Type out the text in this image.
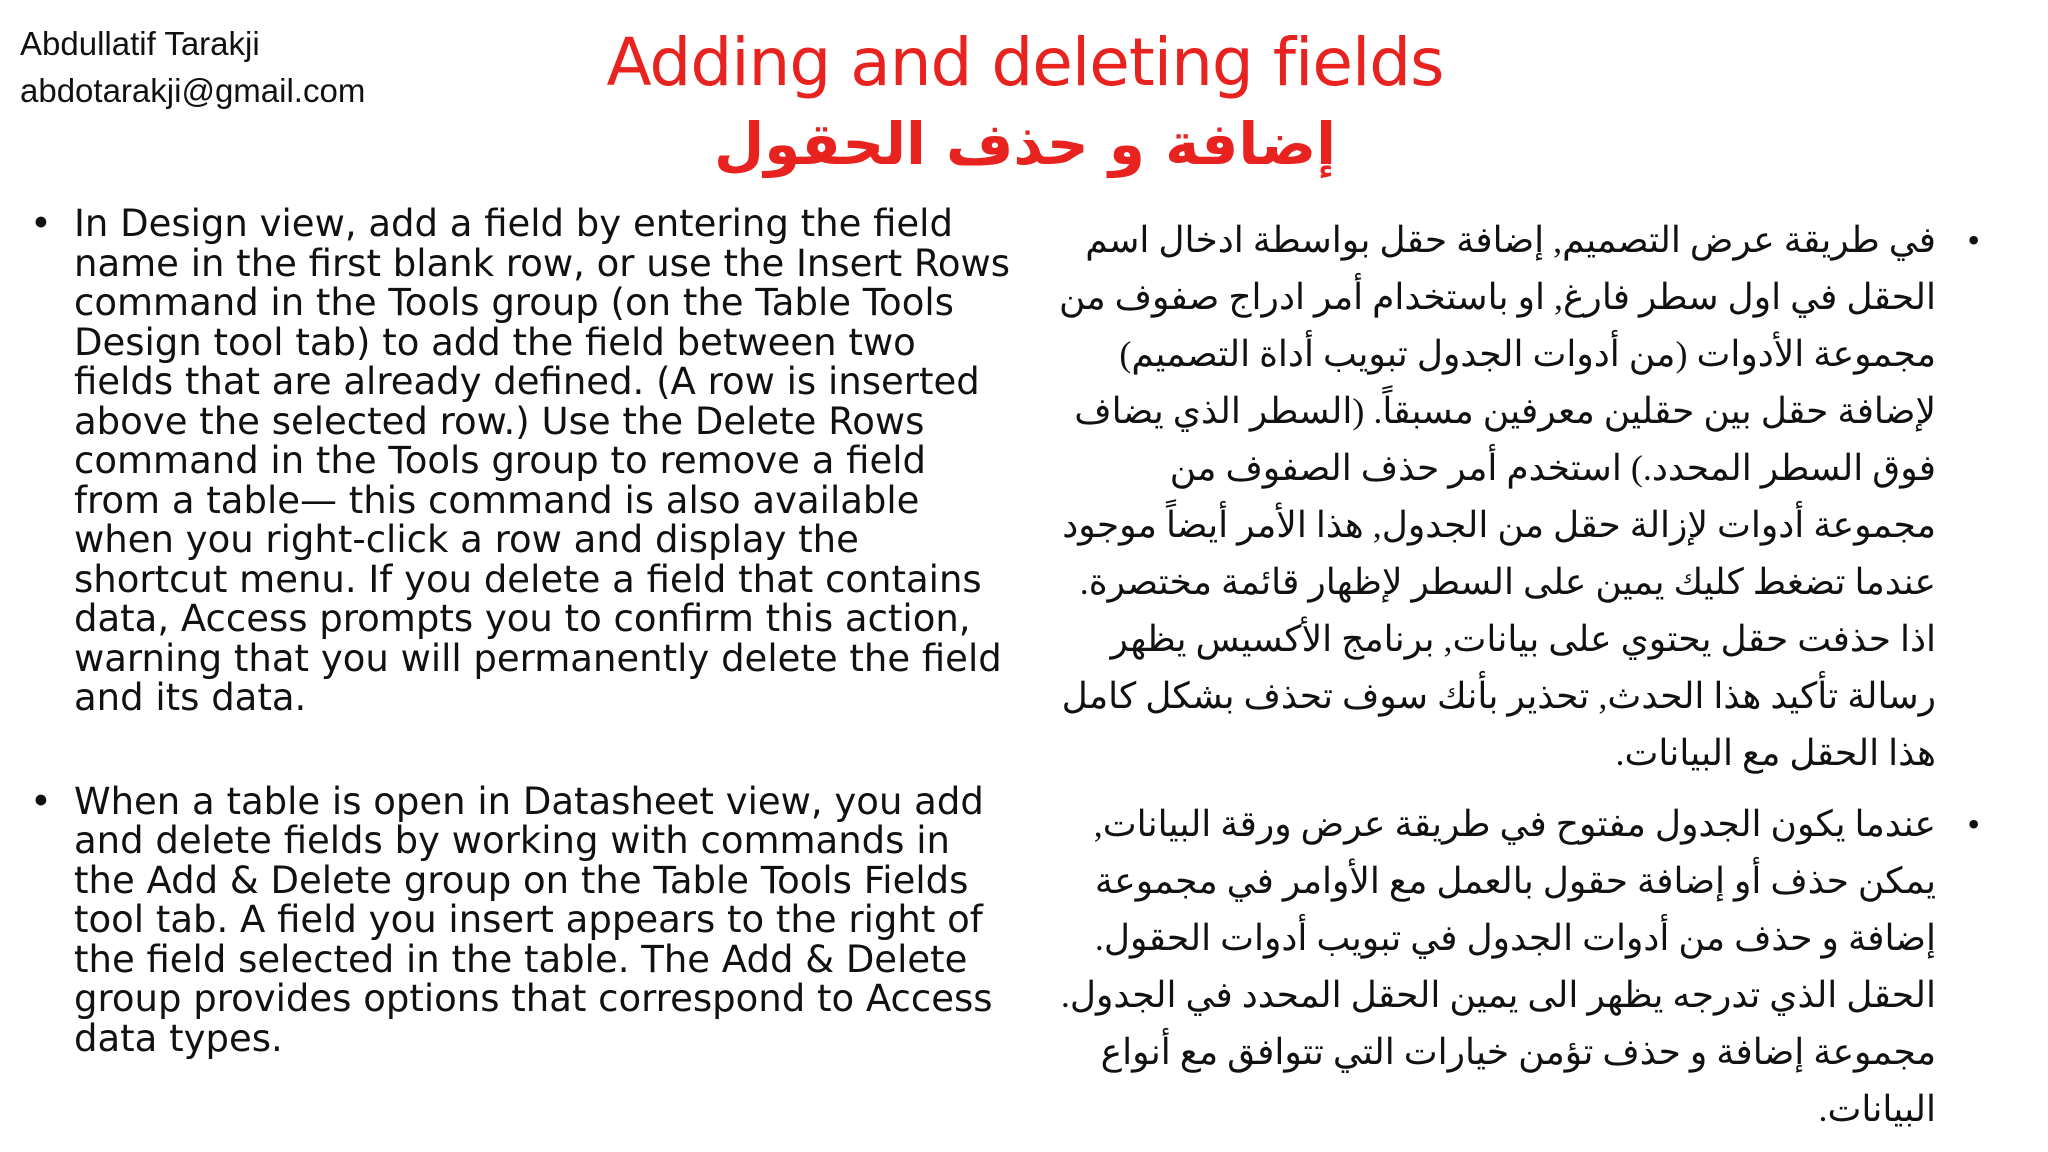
Abdullatif Tarakji
abdotarakji@gmail.com	Adding and deleting fields
إضافة و حذف الحقول
• In Design view, add a field by entering the field name in the first blank row, or use the Insert Rows command in the Tools group (on the Table Tools Design tool tab) to add the field between two fields that are already defined. (A row is inserted above the selected row.) Use the Delete Rows command in the Tools group to remove a field from a table— this command is also available when you right-click a row and display the shortcut menu. If you delete a field that contains data, Access prompts you to confirm this action, warning that you will permanently delete the field and its data.
• When a table is open in Datasheet view, you add and delete fields by working with commands in the Add & Delete group on the Table Tools Fields tool tab. A field you insert appears to the right of the field selected in the table. The Add & Delete group provides options that correspond to Access data types.
•
في طريقة عرض التصميم, إضافة حقل بواسطة ادخال اسم الحقل في اول سطر فارغ, او باستخدام أمر ادراج صفوف من مجموعة الأدوات (من أدوات الجدول تبويب أداة التصميم) لإضافة حقل بين حقلين معرفين مسبقاً. (السطر الذي يضاف فوق السطر المحدد.) استخدم أمر حذف الصفوف من مجموعة أدوات لإزالة حقل من الجدول, هذا الأمر أيضاً موجود عندما تضغط كليك يمين على السطر لإظهار قائمة مختصرة. اذا حذفت حقل يحتوي على بيانات, برنامج الأكسيس يظهر رسالة تأكيد هذا الحدث, تحذير بأنك سوف تحذف بشكل كامل هذا الحقل مع البيانات.
•
عندما يكون الجدول مفتوح في طريقة عرض ورقة البيانات, يمكن حذف أو إضافة حقول بالعمل مع الأوامر في مجموعة إضافة و حذف من أدوات الجدول في تبويب أدوات الحقول. الحقل الذي تدرجه يظهر الى يمين الحقل المحدد في الجدول. مجموعة إضافة و حذف تؤمن خيارات التي تتوافق مع أنواع البيانات.
